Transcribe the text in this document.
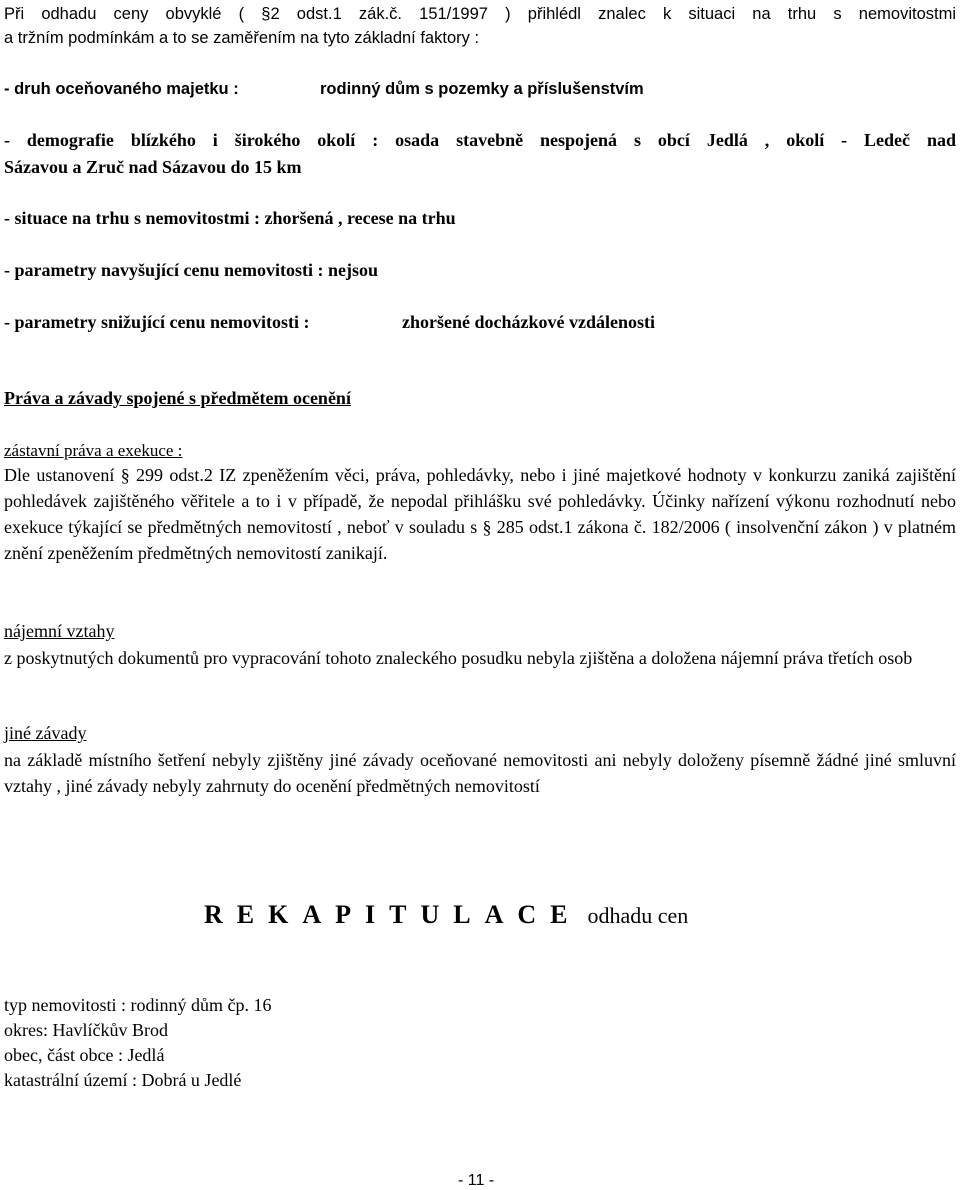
Při odhadu ceny obvyklé ( §2 odst.1 zák.č. 151/1997 ) přihlédl znalec k situaci na trhu s nemovitostmi
a tržním podmínkám a to se zaměřením na tyto základní faktory :
- druh oceňovaného majetku :	rodinný dům s pozemky a příslušenstvím
- demografie blízkého i širokého okolí : osada stavebně nespojená s obcí Jedlá , okolí - Ledeč nad
Sázavou a Zruč nad Sázavou do 15 km
- situace na trhu s nemovitostmi : zhoršená , recese na trhu
- parametry navyšující cenu nemovitosti : nejsou
- parametry snižující cenu nemovitosti :	zhoršené docházkové vzdálenosti
Práva a závady spojené s předmětem ocenění
zástavní práva a exekuce :
Dle ustanovení § 299 odst.2 IZ zpeněžením věci, práva, pohledávky, nebo i jiné majetkové hodnoty v konkurzu zaniká zajištění pohledávek zajištěného věřitele a to i v případě, že nepodal přihlášku své pohledávky. Účinky nařízení výkonu rozhodnutí nebo exekuce týkající se předmětných nemovitostí , neboť v souladu s § 285 odst.1 zákona č. 182/2006 ( insolvenční zákon ) v platném znění zpeněžením předmětných nemovitostí zanikají.
nájemní vztahy
z poskytnutých dokumentů pro vypracování tohoto znaleckého posudku nebyla zjištěna a doložena nájemní práva třetích osob
jiné závady
na základě místního šetření nebyly zjištěny jiné závady oceňované nemovitosti ani nebyly doloženy písemně žádné jiné smluvní vztahy , jiné závady nebyly zahrnuty do ocenění předmětných nemovitostí
REKAPITULACE odhadu cen
typ nemovitosti : rodinný dům čp. 16
okres: Havlíčkův Brod
obec, část obce : Jedlá
katastrální území : Dobrá u Jedlé
- 11 -
